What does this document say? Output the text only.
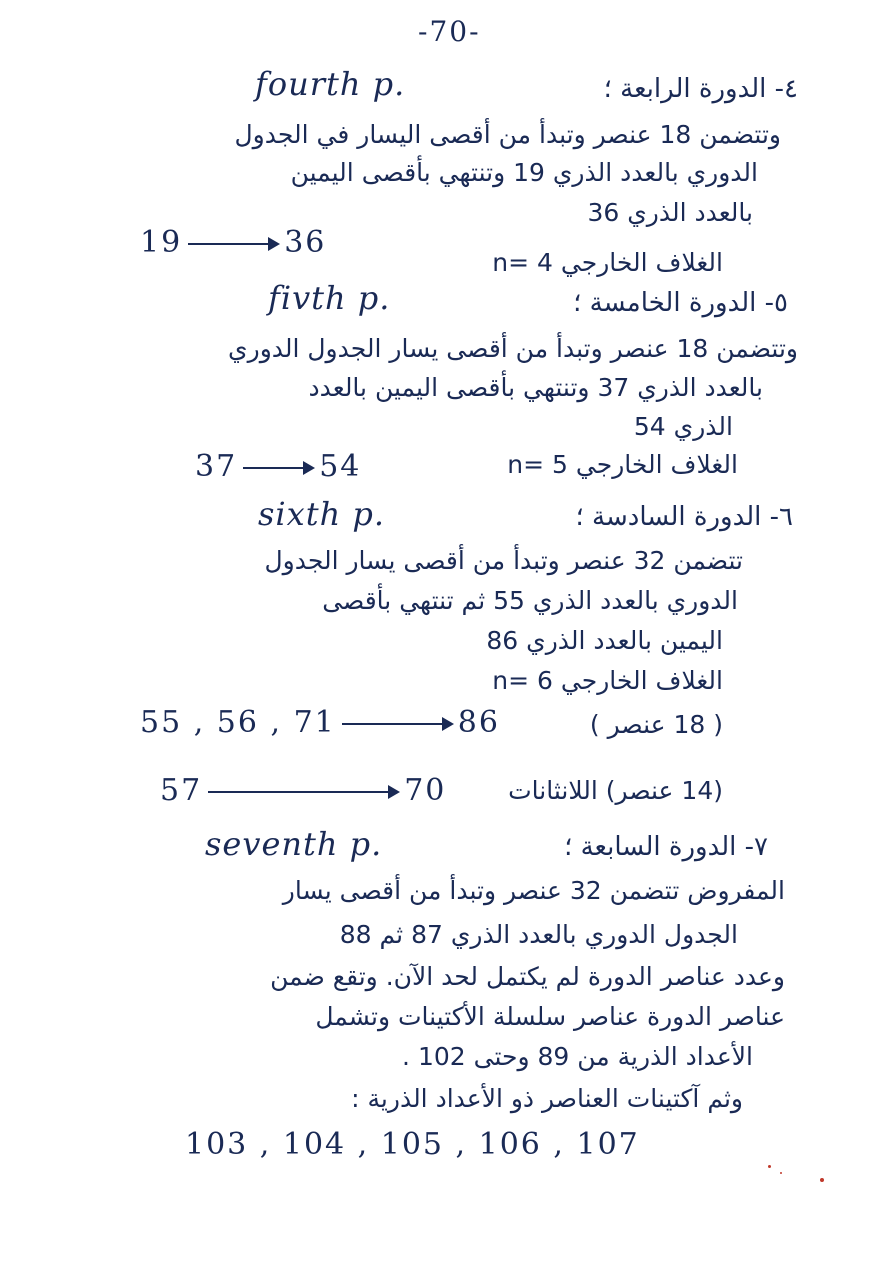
-70-
fourth p.	٤- الدورة الرابعة ؛
وتتضمن 18 عنصر وتبدأ من أقصى اليسار في الجدول
الدوري بالعدد الذري 19 وتنتهي بأقصى اليمين
بالعدد الذري 36
19	36
الغلاف الخارجي n= 4
fivth p.	٥- الدورة الخامسة ؛
وتتضمن 18 عنصر وتبدأ من أقصى يسار الجدول الدوري
بالعدد الذري 37 وتنتهي بأقصى اليمين بالعدد
الذري 54
37	54	الغلاف الخارجي n= 5
sixth p.	٦- الدورة السادسة ؛
تتضمن 32 عنصر وتبدأ من أقصى يسار الجدول
الدوري بالعدد الذري 55 ثم تنتهي بأقصى
اليمين بالعدد الذري 86
الغلاف الخارجي n= 6
55 , 56 , 71	86	( 18 عنصر )
57	70 (14 عنصر) اللانثانات
seventh p.	٧- الدورة السابعة ؛
المفروض تتضمن 32 عنصر وتبدأ من أقصى يسار
الجدول الدوري بالعدد الذري 87 ثم 88
وعدد عناصر الدورة لم يكتمل لحد الآن. وتقع ضمن
عناصر الدورة عناصر سلسلة الأكتينات وتشمل
الأعداد الذرية من 89 وحتى 102 .
وثم آكتينات العناصر ذو الأعداد الذرية :
103 , 104 , 105 , 106 , 107
